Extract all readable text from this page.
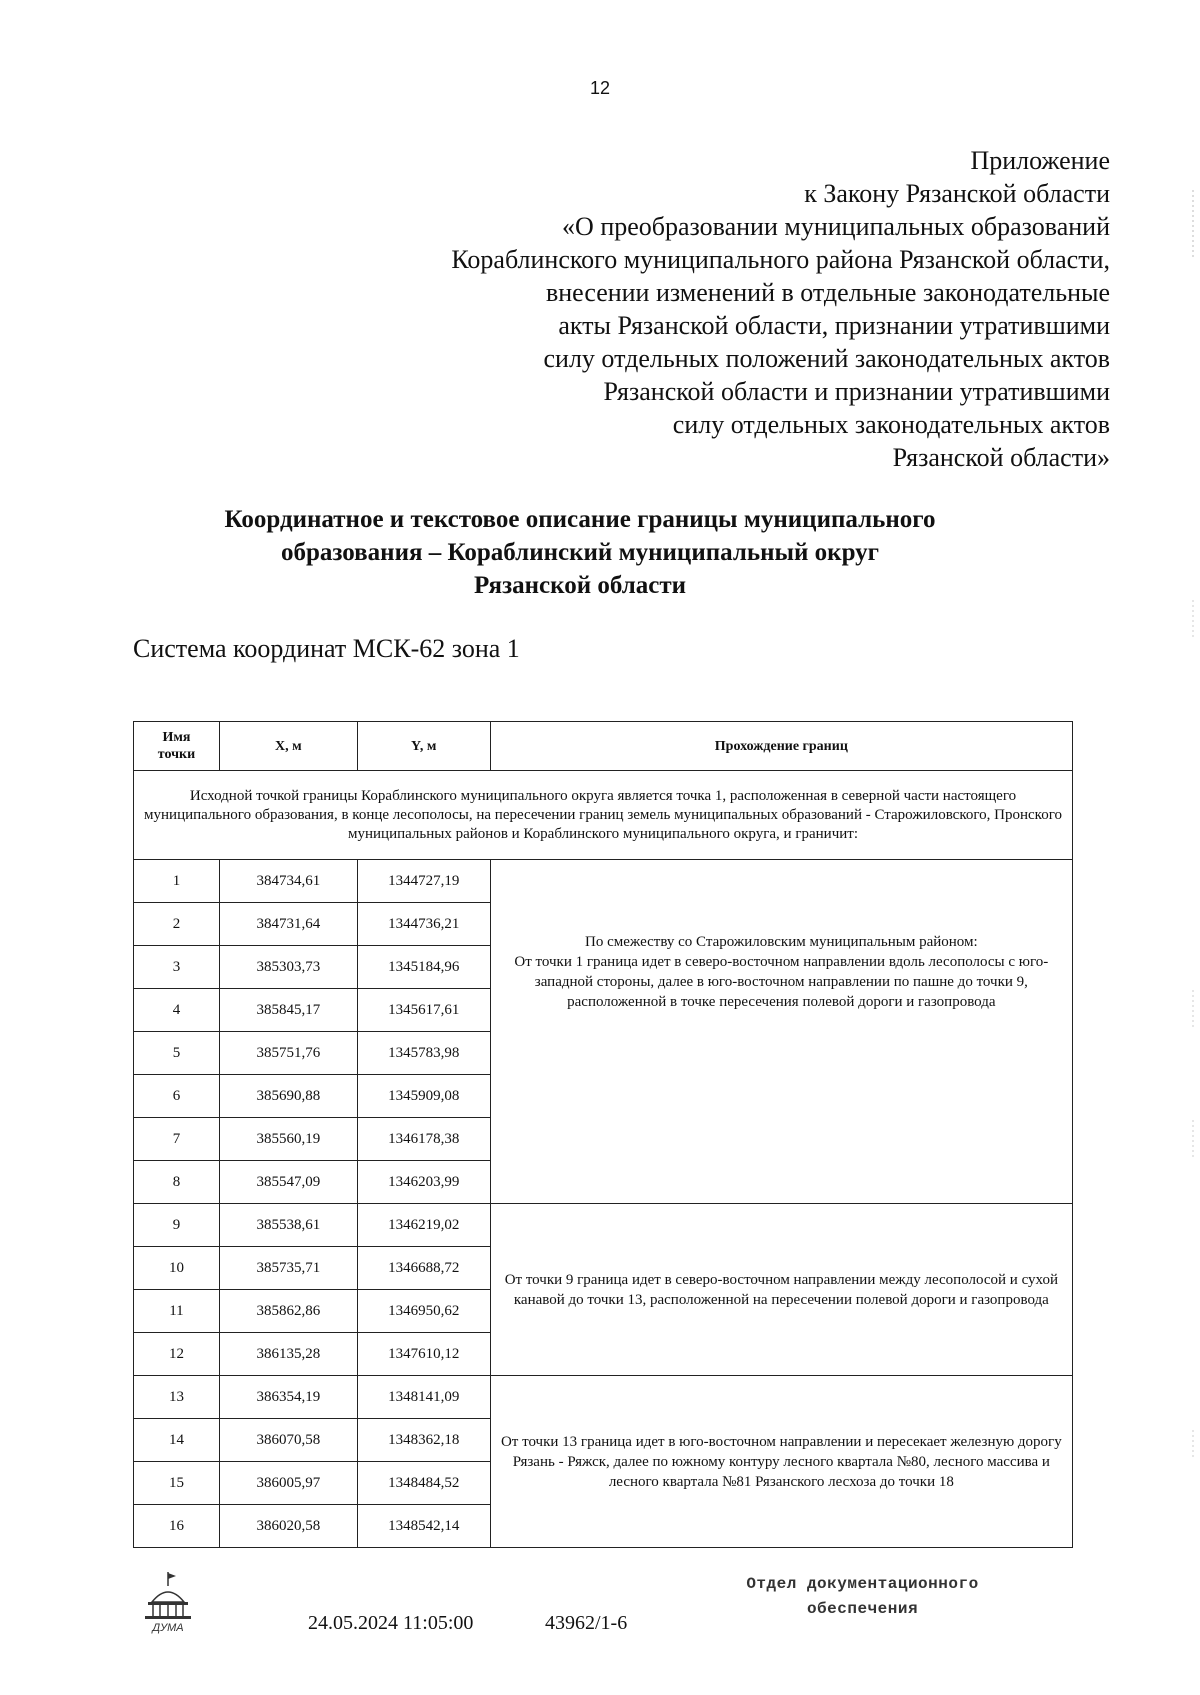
12
Приложение
к Закону Рязанской области
«О преобразовании муниципальных образований
Кораблинского муниципального района Рязанской области,
внесении изменений в отдельные законодательные
акты Рязанской области, признании утратившими
силу отдельных положений законодательных актов
Рязанской области и признании утратившими
силу отдельных законодательных актов
Рязанской области»
Координатное и текстовое описание границы муниципального
образования – Кораблинский муниципальный округ
Рязанской области
Система координат МСК-62 зона 1
Имя
точки	X, м	Y, м	Прохождение границ
Исходной точкой границы Кораблинского муниципального округа является точка 1, расположенная в северной части настоящего муниципального образования, в конце лесополосы, на пересечении границ земель муниципальных образований - Старожиловского, Пронского муниципальных районов и Кораблинского муниципального округа, и граничит:			
1	384734,61	1344727,19	По смежеству со Старожиловским муниципальным районом:
От точки 1 граница идет в северо-восточном направлении вдоль лесополосы с юго-западной стороны, далее в юго-восточном направлении по пашне до точки 9, расположенной в точке пересечения полевой дороги и газопровода

2	384731,64	1344736,21	
3	385303,73	1345184,96	
4	385845,17	1345617,61	
5	385751,76	1345783,98	
6	385690,88	1345909,08	
7	385560,19	1346178,38	
8	385547,09	1346203,99	
9	385538,61	1346219,02	От точки 9 граница идет в северо-восточном направлении между лесополосой и сухой канавой до точки 13, расположенной на пересечении полевой дороги и газопровода
10	385735,71	1346688,72	
11	385862,86	1346950,62	
12	386135,28	1347610,12	
13	386354,19	1348141,09	От точки 13 граница идет в юго-восточном направлении и пересекает железную дорогу Рязань - Ряжск, далее по южному контуру лесного квартала №80, лесного массива и лесного квартала №81 Рязанского лесхоза до точки 18
14	386070,58	1348362,18	
15	386005,97	1348484,52	
16	386020,58	1348542,14	
ДУМА	24.05.2024 11:05:00	43962/1-6
Отдел документационного
обеспечения
